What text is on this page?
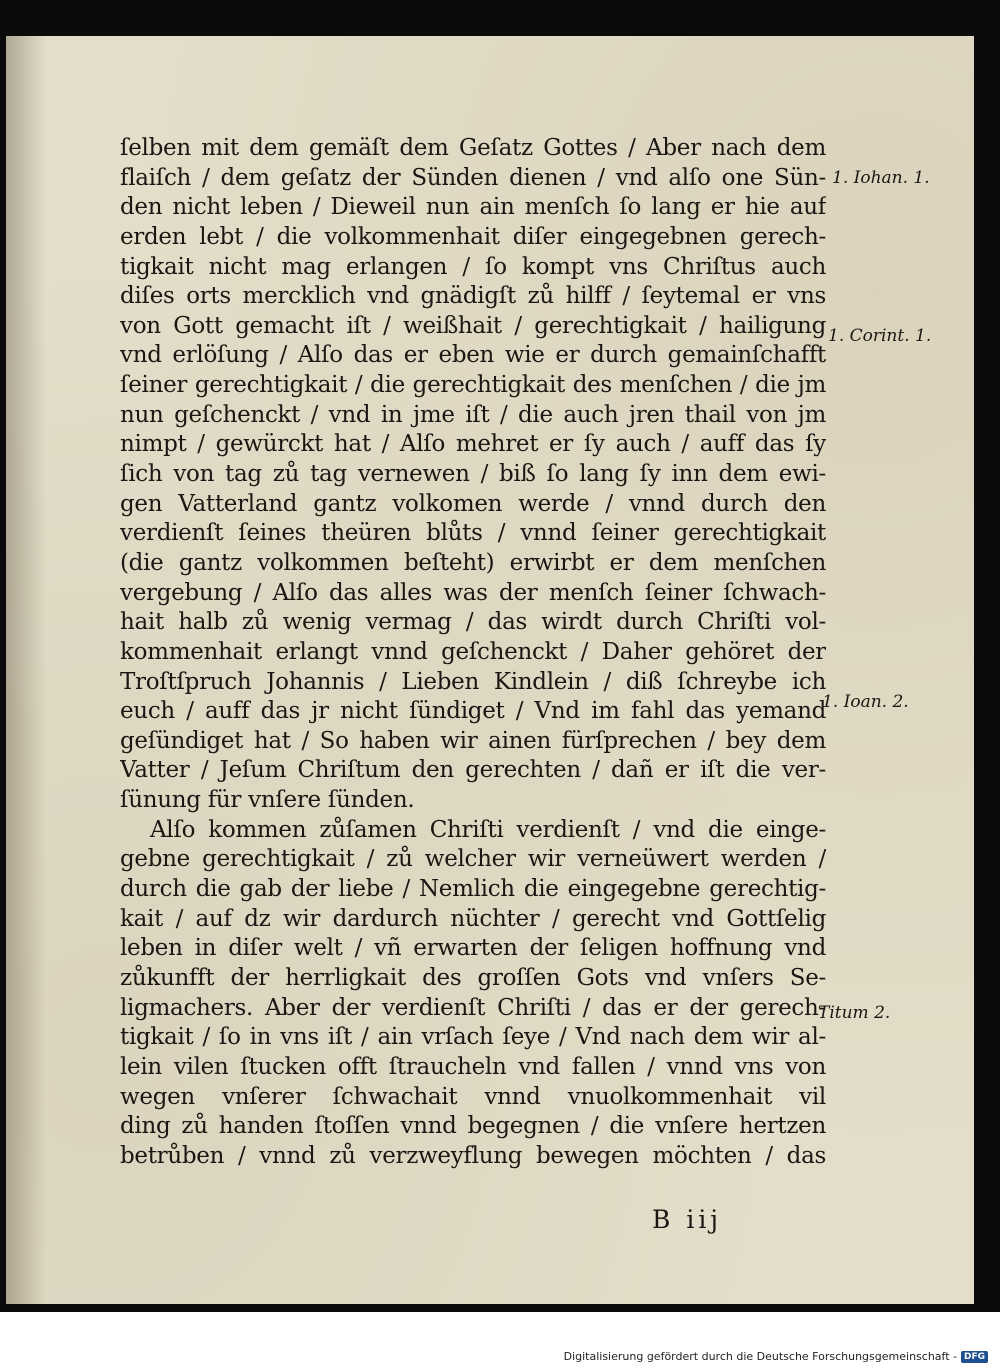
ſelben mit dem gemäſt dem Geſatz Gottes / Aber nach dem
flaiſch / dem geſatz der Sünden dienen / vnd alſo one Sün-
den nicht leben / Dieweil nun ain menſch ſo lang er hie auf
erden lebt / die volkommenhait diſer eingegebnen gerech-
tigkait nicht mag erlangen / ſo kompt vns Chriſtus auch
diſes orts mercklich vnd gnädigſt zů hilff / ſeytemal er vns
von Gott gemacht iſt / weißhait / gerechtigkait / hailigung
vnd erlöſung / Alſo das er eben wie er durch gemainſchafft
ſeiner gerechtigkait / die gerechtigkait des menſchen / die jm
nun geſchenckt / vnd in jme iſt / die auch jren thail von jm
nimpt / gewürckt hat / Alſo mehret er ſy auch / auff das ſy
ſich von tag zů tag vernewen / biß ſo lang ſy inn dem ewi-
gen Vatterland gantz volkomen werde / vnnd durch den
verdienſt ſeines theüren blůts / vnnd ſeiner gerechtigkait
(die gantz volkommen beſteht) erwirbt er dem menſchen
vergebung / Alſo das alles was der menſch ſeiner ſchwach-
hait halb zů wenig vermag / das wirdt durch Chriſti vol-
kommenhait erlangt vnnd geſchenckt / Daher gehöret der
Troſtſpruch Johannis / Lieben Kindlein / diß ſchreybe ich
euch / auff das jr nicht ſündiget / Vnd im fahl das yemand
geſündiget hat / So haben wir ainen fürſprechen / bey dem
Vatter / Jeſum Chriſtum den gerechten / dañ er iſt die ver-
ſünung für vnſere ſünden.
Alſo kommen zůſamen Chriſti verdienſt / vnd die einge-
gebne gerechtigkait / zů welcher wir verneüwert werden /
durch die gab der liebe / Nemlich die eingegebne gerechtig-
kait / auf dz wir dardurch nüchter / gerecht vnd Gottſelig
leben in diſer welt / vñ erwarten der ſeligen hoffnung vnd
zůkunfft der herrligkait des groſſen Gots vnd vnſers Se-
ligmachers. Aber der verdienſt Chriſti / das er der gerech-
tigkait / ſo in vns iſt / ain vrſach ſeye / Vnd nach dem wir al-
lein vilen ſtucken offt ſtraucheln vnd fallen / vnnd vns von
wegen vnſerer ſchwachait vnnd vnuolkommenhait vil
ding zů handen ſtoſſen vnnd begegnen / die vnſere hertzen
betrůben / vnnd zů verzweyflung bewegen möchten / das
1. Iohan. 1.
1. Corint. 1.
1. Ioan. 2.
Titum 2.
B iij
Digitalisierung gefördert durch die Deutsche Forschungsgemeinschaft - DFG
